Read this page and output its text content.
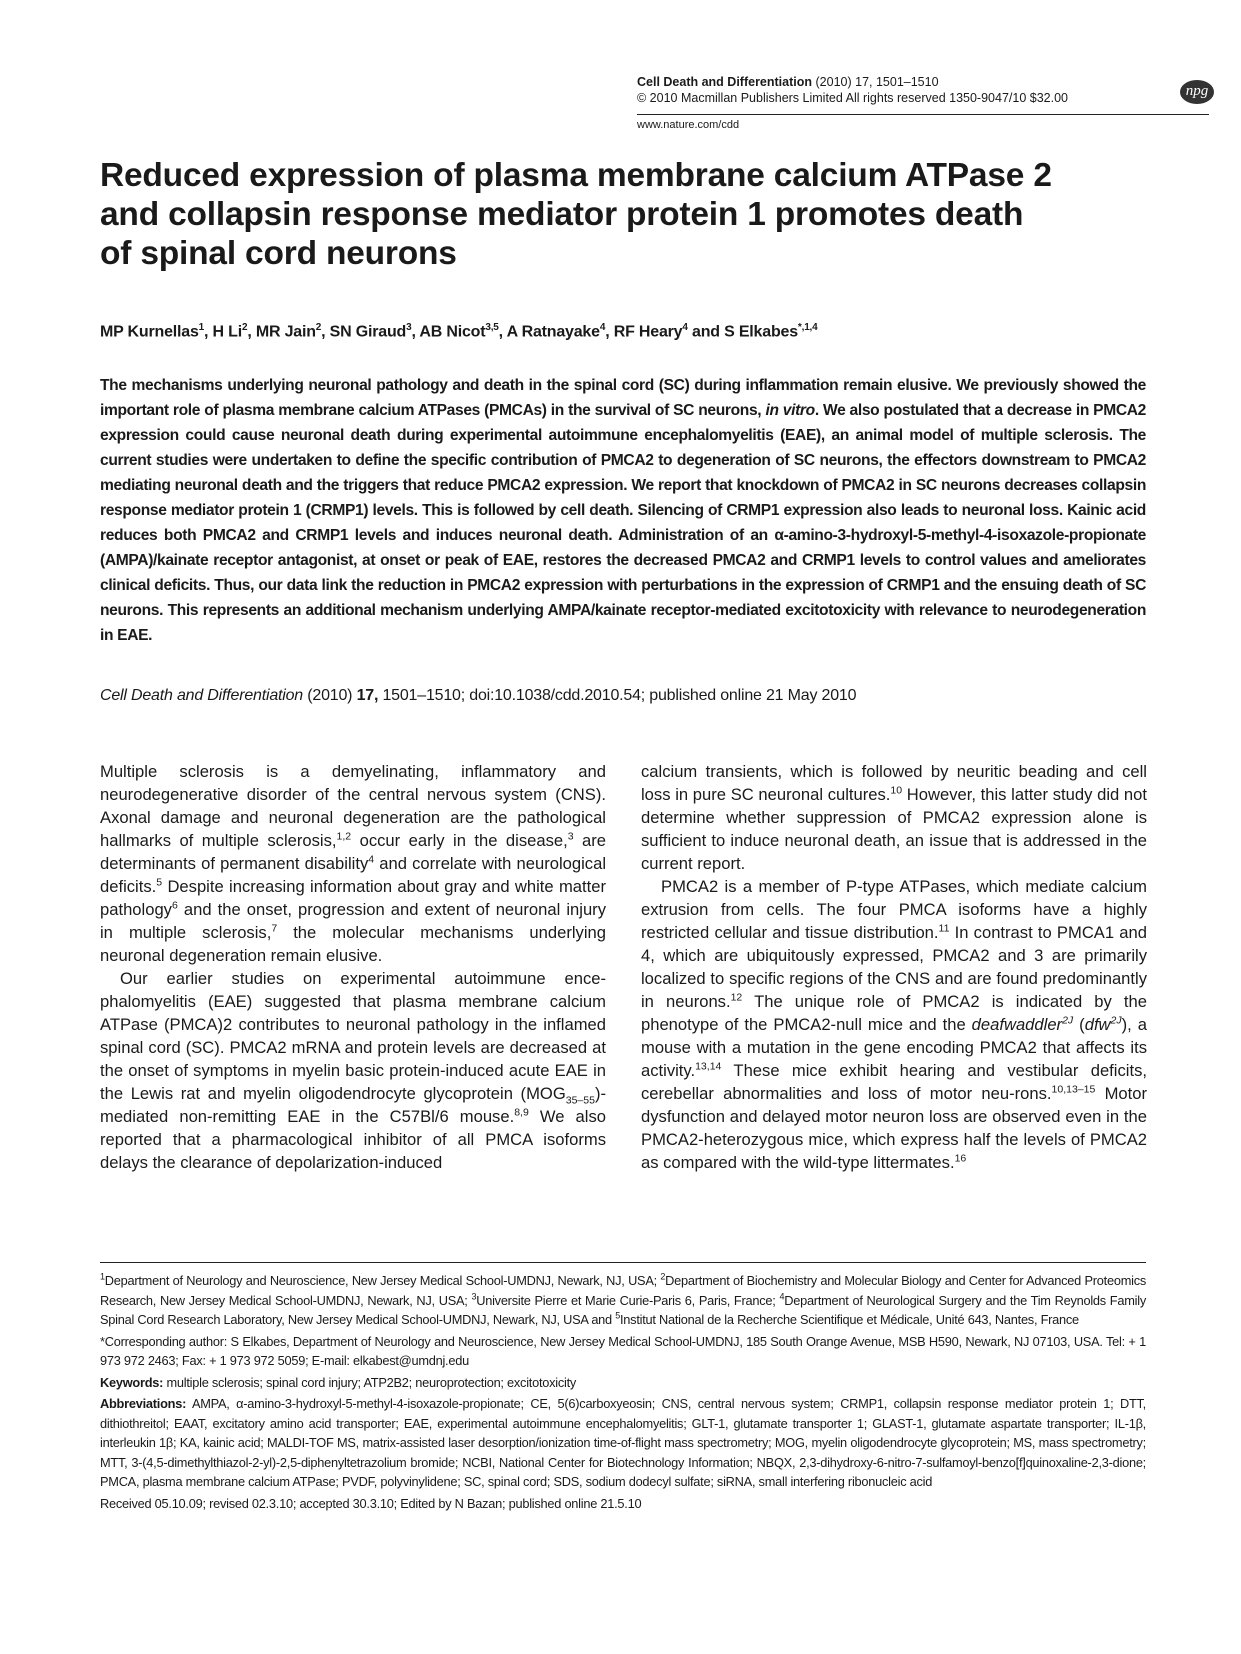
Cell Death and Differentiation (2010) 17, 1501–1510
© 2010 Macmillan Publishers Limited All rights reserved 1350-9047/10 $32.00	npg
www.nature.com/cdd
Reduced expression of plasma membrane calcium ATPase 2 and collapsin response mediator protein 1 promotes death of spinal cord neurons
MP Kurnellas$^1$, H Li$^2$, MR Jain$^2$, SN Giraud$^3$, AB Nicot$^{3,5}$, A Ratnayake$^4$, RF Heary$^4$ and S Elkabes$^{*,1,4}$
The mechanisms underlying neuronal pathology and death in the spinal cord (SC) during inflammation remain elusive. We previously showed the important role of plasma membrane calcium ATPases (PMCAs) in the survival of SC neurons, in vitro. We also postulated that a decrease in PMCA2 expression could cause neuronal death during experimental autoimmune encephalomyelitis (EAE), an animal model of multiple sclerosis. The current studies were undertaken to define the specific contribution of PMCA2 to degeneration of SC neurons, the effectors downstream to PMCA2 mediating neuronal death and the triggers that reduce PMCA2 expression. We report that knockdown of PMCA2 in SC neurons decreases collapsin response mediator protein 1 (CRMP1) levels. This is followed by cell death. Silencing of CRMP1 expression also leads to neuronal loss. Kainic acid reduces both PMCA2 and CRMP1 levels and induces neuronal death. Administration of an α-amino-3-hydroxyl-5-methyl-4-isoxazole-propionate (AMPA)/kainate receptor antagonist, at onset or peak of EAE, restores the decreased PMCA2 and CRMP1 levels to control values and ameliorates clinical deficits. Thus, our data link the reduction in PMCA2 expression with perturbations in the expression of CRMP1 and the ensuing death of SC neurons. This represents an additional mechanism underlying AMPA/kainate receptor-mediated excitotoxicity with relevance to neurodegeneration in EAE.
Cell Death and Differentiation (2010) 17, 1501–1510; doi:10.1038/cdd.2010.54; published online 21 May 2010

Multiple sclerosis is a demyelinating, inflammatory and neurodegenerative disorder of the central nervous system (CNS). Axonal damage and neuronal degeneration are the pathological hallmarks of multiple sclerosis,$^{1,2}$ occur early in the disease,$^3$ are determinants of permanent disability$^4$ and correlate with neurological deficits.$^5$ Despite increasing information about gray and white matter pathology$^6$ and the onset, progression and extent of neuronal injury in multiple sclerosis,$^7$ the molecular mechanisms underlying neuronal degeneration remain elusive.

Our earlier studies on experimental autoimmune ence-phalomyelitis (EAE) suggested that plasma membrane calcium ATPase (PMCA)2 contributes to neuronal pathology in the inflamed spinal cord (SC). PMCA2 mRNA and protein levels are decreased at the onset of symptoms in myelin basic protein-induced acute EAE in the Lewis rat and myelin oligodendrocyte glycoprotein $(MOG_{35-55})$-mediated non-remitting EAE in the C57Bl/6 mouse.$^{8,9}$ We also reported that a pharmacological inhibitor of all PMCA isoforms delays the clearance of depolarization-induced

calcium transients, which is followed by neuritic beading and cell loss in pure SC neuronal cultures.$^{10}$ However, this latter study did not determine whether suppression of PMCA2 expression alone is sufficient to induce neuronal death, an issue that is addressed in the current report.

PMCA2 is a member of P-type ATPases, which mediate calcium extrusion from cells. The four PMCA isoforms have a highly restricted cellular and tissue distribution.$^{11}$ In contrast to PMCA1 and 4, which are ubiquitously expressed, PMCA2 and 3 are primarily localized to specific regions of the CNS and are found predominantly in neurons.$^{12}$ The unique role of PMCA2 is indicated by the phenotype of the PMCA2-null mice and the deafwaddler$^{2J}$ (dfw$^{2J}$), a mouse with a mutation in the gene encoding PMCA2 that affects its activity.$^{13,14}$ These mice exhibit hearing and vestibular deficits, cerebellar abnormalities and loss of motor neu-rons.$^{10,13-15}$ Motor dysfunction and delayed motor neuron loss are observed even in the PMCA2-heterozygous mice, which express half the levels of PMCA2 as compared with the wild-type littermates.$^{16}$

$^1$Department of Neurology and Neuroscience, New Jersey Medical School-UMDNJ, Newark, NJ, USA; $^2$Department of Biochemistry and Molecular Biology and Center for Advanced Proteomics Research, New Jersey Medical School-UMDNJ, Newark, NJ, USA; $^3$Universite Pierre et Marie Curie-Paris 6, Paris, France; $^4$Department of Neurological Surgery and the Tim Reynolds Family Spinal Cord Research Laboratory, New Jersey Medical School-UMDNJ, Newark, NJ, USA and $^5$Institut National de la Recherche Scientifique et Médicale, Unité 643, Nantes, France

*Corresponding author: S Elkabes, Department of Neurology and Neuroscience, New Jersey Medical School-UMDNJ, 185 South Orange Avenue, MSB H590, Newark, NJ 07103, USA. Tel: + 1 973 972 2463; Fax: + 1 973 972 5059; E-mail: elkabest@umdnj.edu

Keywords: multiple sclerosis; spinal cord injury; ATP2B2; neuroprotection; excitotoxicity

Abbreviations: AMPA, α-amino-3-hydroxyl-5-methyl-4-isoxazole-propionate; CE, 5(6)carboxyeosin; CNS, central nervous system; CRMP1, collapsin response mediator protein 1; DTT, dithiothreitol; EAAT, excitatory amino acid transporter; EAE, experimental autoimmune encephalomyelitis; GLT-1, glutamate transporter 1; GLAST-1, glutamate aspartate transporter; IL-1β, interleukin 1β; KA, kainic acid; MALDI-TOF MS, matrix-assisted laser desorption/ionization time-of-flight mass spectrometry; MOG, myelin oligodendrocyte glycoprotein; MS, mass spectrometry; MTT, 3-(4,5-dimethylthiazol-2-yl)-2,5-diphenyltetrazolium bromide; NCBI, National Center for Biotechnology Information; NBQX, 2,3-dihydroxy-6-nitro-7-sulfamoyl-benzo[f]quinoxaline-2,3-dione; PMCA, plasma membrane calcium ATPase; PVDF, polyvinylidene; SC, spinal cord; SDS, sodium dodecyl sulfate; siRNA, small interfering ribonucleic acid

Received 05.10.09; revised 02.3.10; accepted 30.3.10; Edited by N Bazan; published online 21.5.10
